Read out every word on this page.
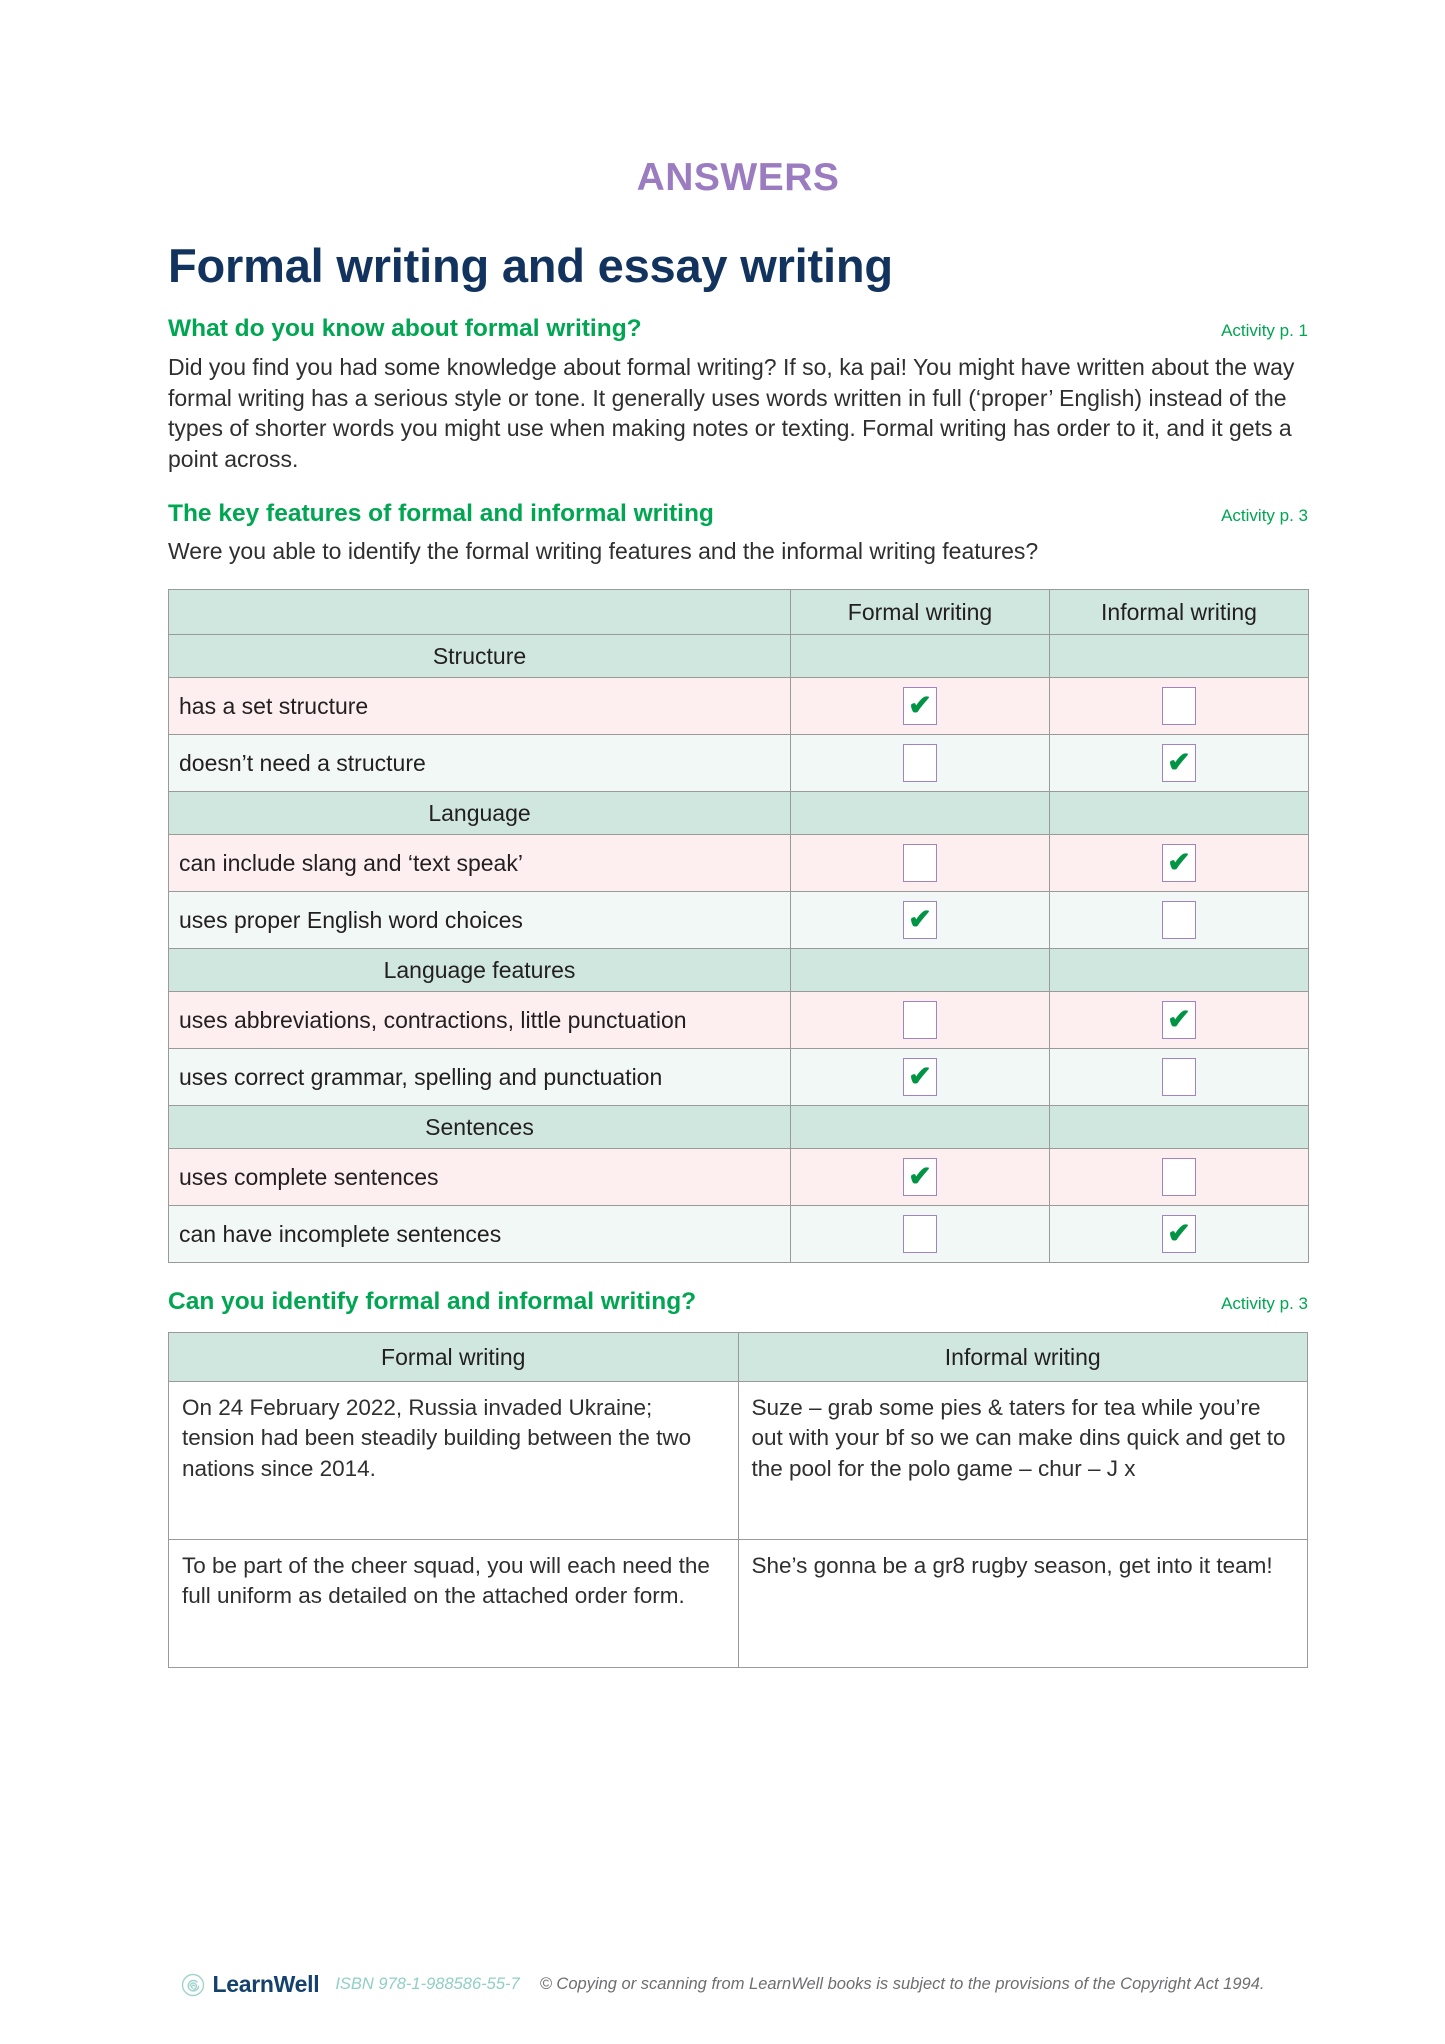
ANSWERS
Formal writing and essay writing
What do you know about formal writing?	Activity p. 1

Did you find you had some knowledge about formal writing? If so, ka pai! You might have written about the way formal writing has a serious style or tone. It generally uses words written in full (‘proper’ English) instead of the types of shorter words you might use when making notes or texting. Formal writing has order to it, and it gets a point across.

The key features of formal and informal writing	Activity p. 3

Were you able to identify the formal writing features and the informal writing features?

	Formal writing	Informal writing
Structure		
has a set structure	✔	

doesn’t need a structure		✔

Language		
can include slang and ‘text speak’		✔

uses proper English word choices	✔	

Language features		
uses abbreviations, contractions, little punctuation		✔

uses correct grammar, spelling and punctuation	✔	

Sentences		
uses complete sentences	✔	

can have incomplete sentences		✔
Can you identify formal and informal writing?	Activity p. 3
Formal writing	Informal writing
On 24 February 2022, Russia invaded Ukraine; tension had been steadily building between the two nations since 2014.	Suze – grab some pies & taters for tea while you’re out with your bf so we can make dins quick and get to the pool for the polo game – chur – J x
To be part of the cheer squad, you will each need the full uniform as detailed on the attached order form.	She’s gonna be a gr8 rugby season, get into it team!
LearnWell ISBN 978-1-988586-55-7 © Copying or scanning from LearnWell books is subject to the provisions of the Copyright Act 1994.
